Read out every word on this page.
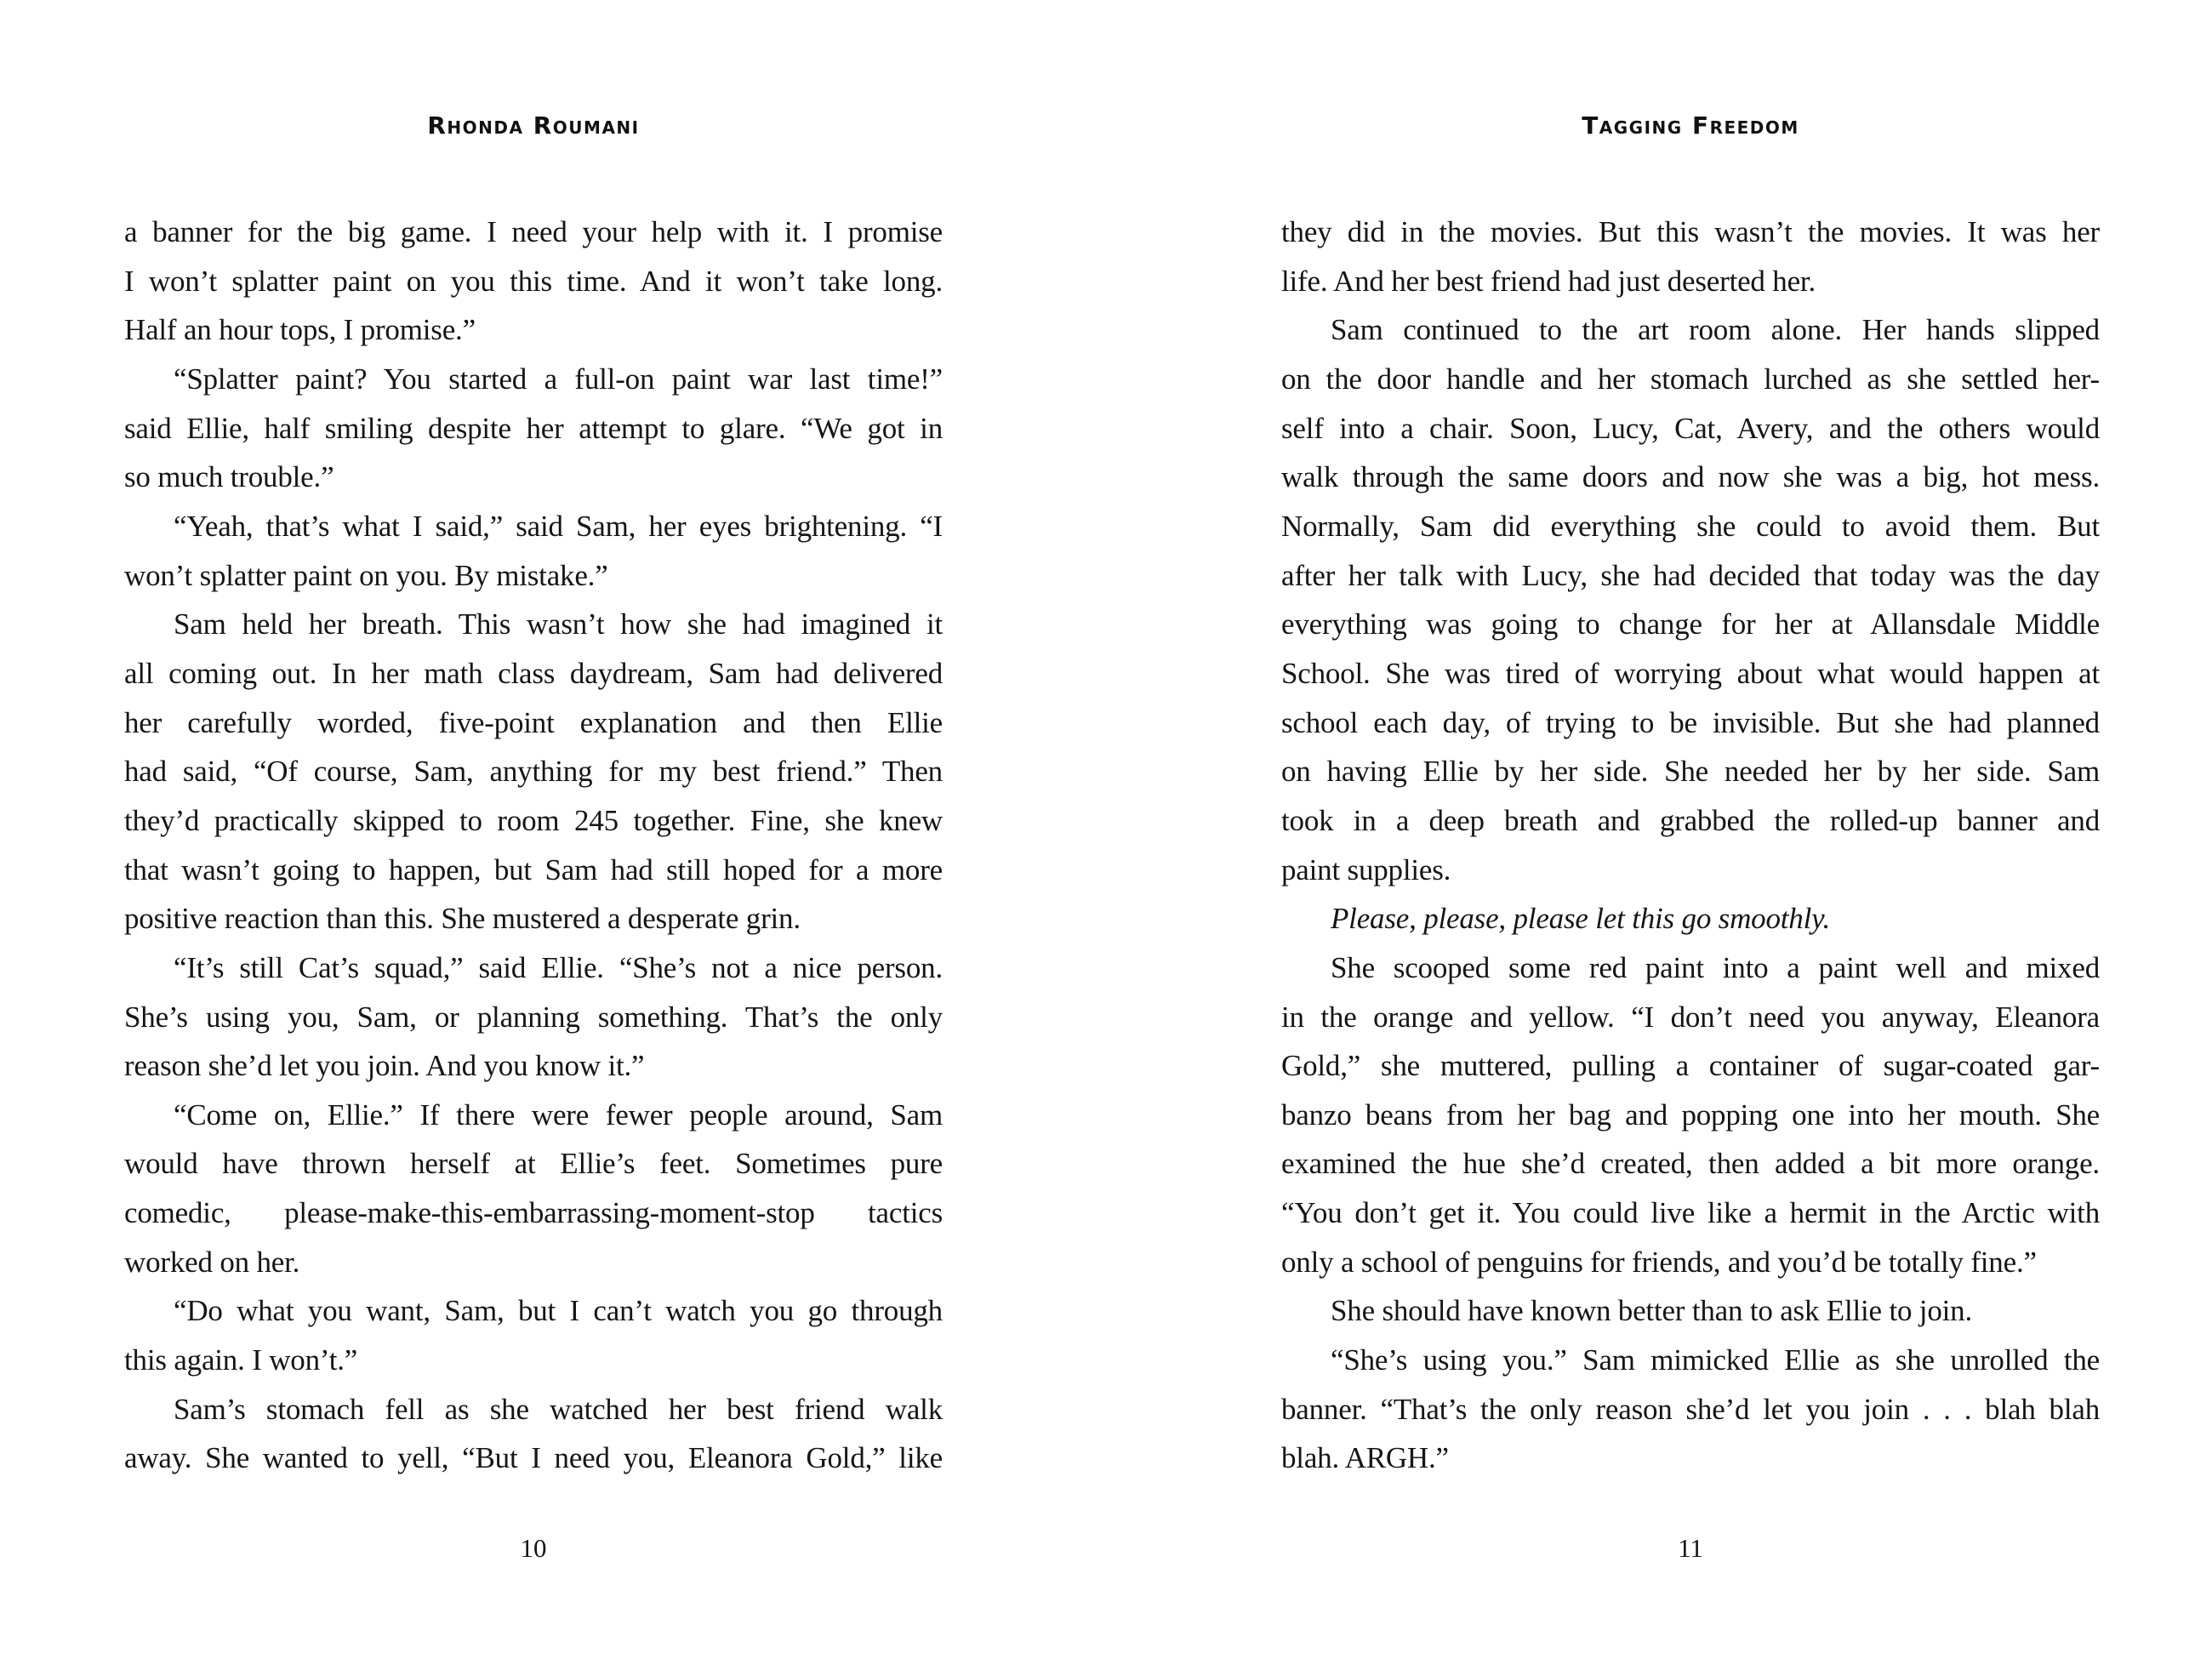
Rhonda Roumani
a banner for the big game. I need your help with it. I promise
I won’t splatter paint on you this time. And it won’t take long.
Half an hour tops, I promise.”
“Splatter paint? You started a full-on paint war last time!”
said Ellie, half smiling despite her attempt to glare. “We got in
so much trouble.”
“Yeah, that’s what I said,” said Sam, her eyes brightening. “I
won’t splatter paint on you. By mistake.”
Sam held her breath. This wasn’t how she had imagined it
all coming out. In her math class daydream, Sam had delivered
her carefully worded, five-point explanation and then Ellie
had said, “Of course, Sam, anything for my best friend.” Then
they’d practically skipped to room 245 together. Fine, she knew
that wasn’t going to happen, but Sam had still hoped for a more
positive reaction than this. She mustered a desperate grin.
“It’s still Cat’s squad,” said Ellie. “She’s not a nice person.
She’s using you, Sam, or planning something. That’s the only
reason she’d let you join. And you know it.”
“Come on, Ellie.” If there were fewer people around, Sam
would have thrown herself at Ellie’s feet. Sometimes pure
comedic, please-make-this-embarrassing-moment-stop tactics
worked on her.
“Do what you want, Sam, but I can’t watch you go through
this again. I won’t.”
Sam’s stomach fell as she watched her best friend walk
away. She wanted to yell, “But I need you, Eleanora Gold,” like
10
Tagging Freedom
they did in the movies. But this wasn’t the movies. It was her
life. And her best friend had just deserted her.
Sam continued to the art room alone. Her hands slipped
on the door handle and her stomach lurched as she settled her-
self into a chair. Soon, Lucy, Cat, Avery, and the others would
walk through the same doors and now she was a big, hot mess.
Normally, Sam did everything she could to avoid them. But
after her talk with Lucy, she had decided that today was the day
everything was going to change for her at Allansdale Middle
School. She was tired of worrying about what would happen at
school each day, of trying to be invisible. But she had planned
on having Ellie by her side. She needed her by her side. Sam
took in a deep breath and grabbed the rolled-up banner and
paint supplies.
Please, please, please let this go smoothly.
She scooped some red paint into a paint well and mixed
in the orange and yellow. “I don’t need you anyway, Eleanora
Gold,” she muttered, pulling a container of sugar-coated gar-
banzo beans from her bag and popping one into her mouth. She
examined the hue she’d created, then added a bit more orange.
“You don’t get it. You could live like a hermit in the Arctic with
only a school of penguins for friends, and you’d be totally fine.”
She should have known better than to ask Ellie to join.
“She’s using you.” Sam mimicked Ellie as she unrolled the
banner. “That’s the only reason she’d let you join . . . blah blah
blah. ARGH.”
11
